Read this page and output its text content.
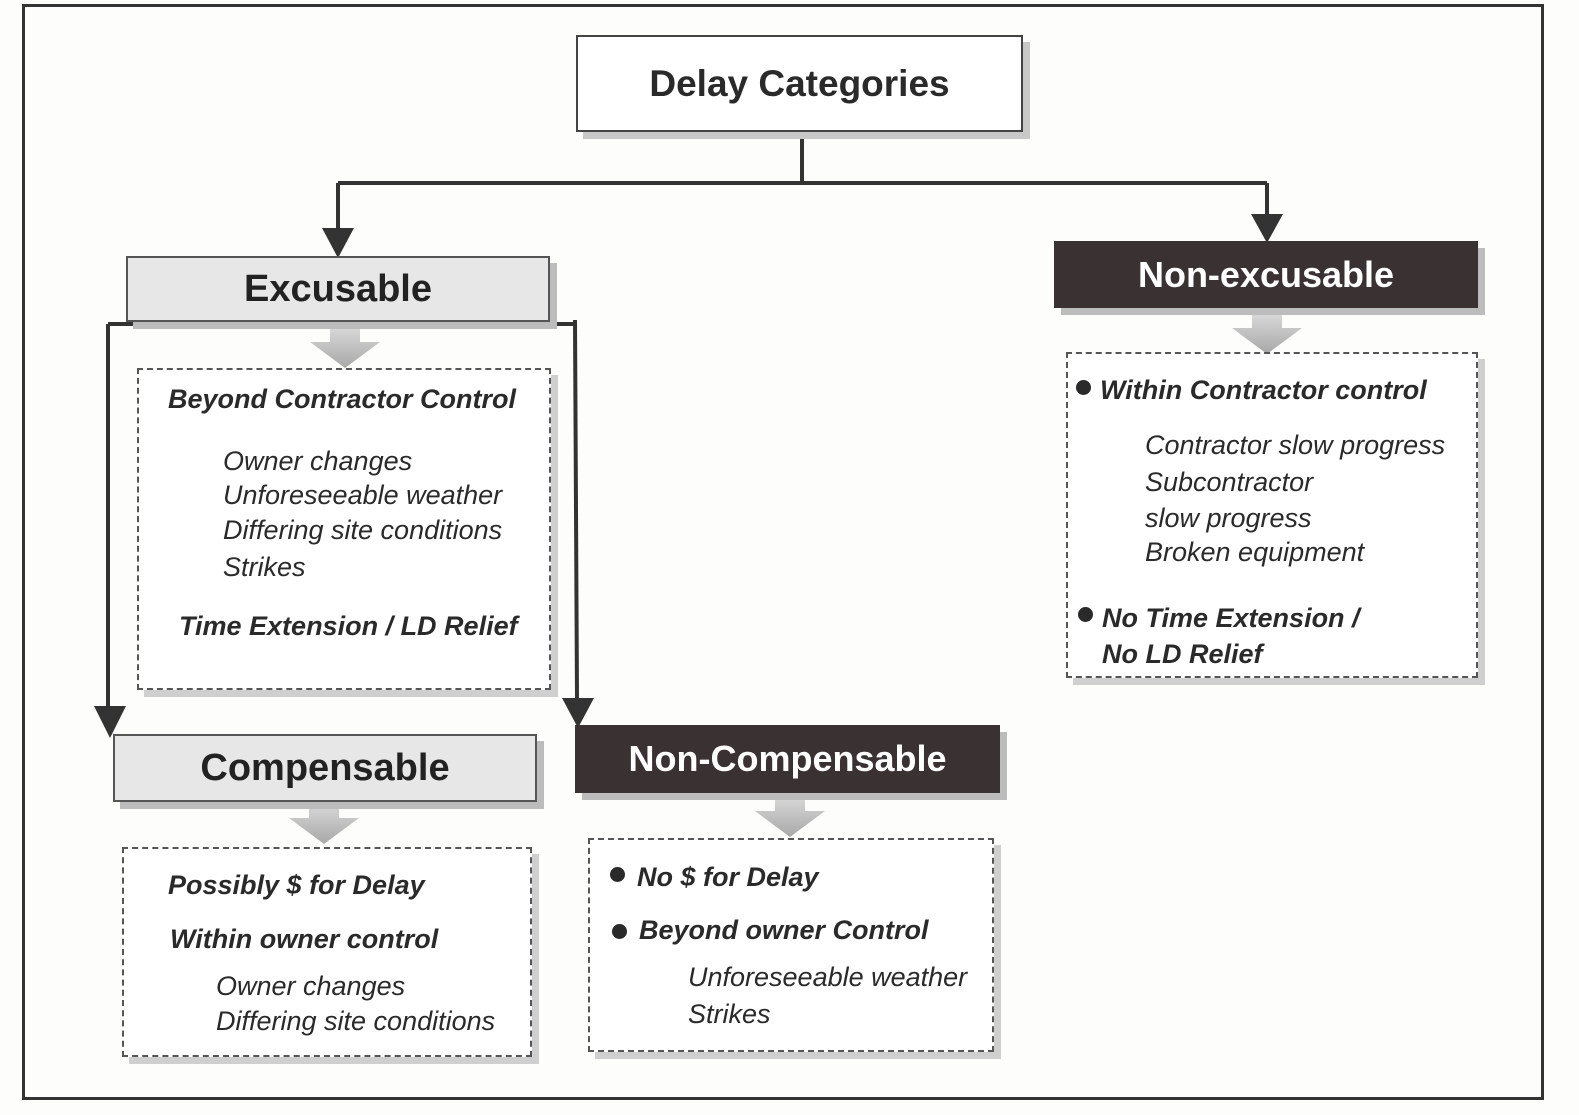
Delay Categories
Excusable	Non-excusable
Compensable	Non-Compensable
Beyond Contractor Control
Owner changes
Unforeseeable weather
Differing site conditions
Strikes
Time Extension / LD Relief
Within Contractor control
Contractor slow progress
Subcontractor
slow progress
Broken equipment
No Time Extension /
No LD Relief
Possibly $ for Delay
Within owner control
Owner changes
Differing site conditions
No $ for Delay
Beyond owner Control
Unforeseeable weather
Strikes
